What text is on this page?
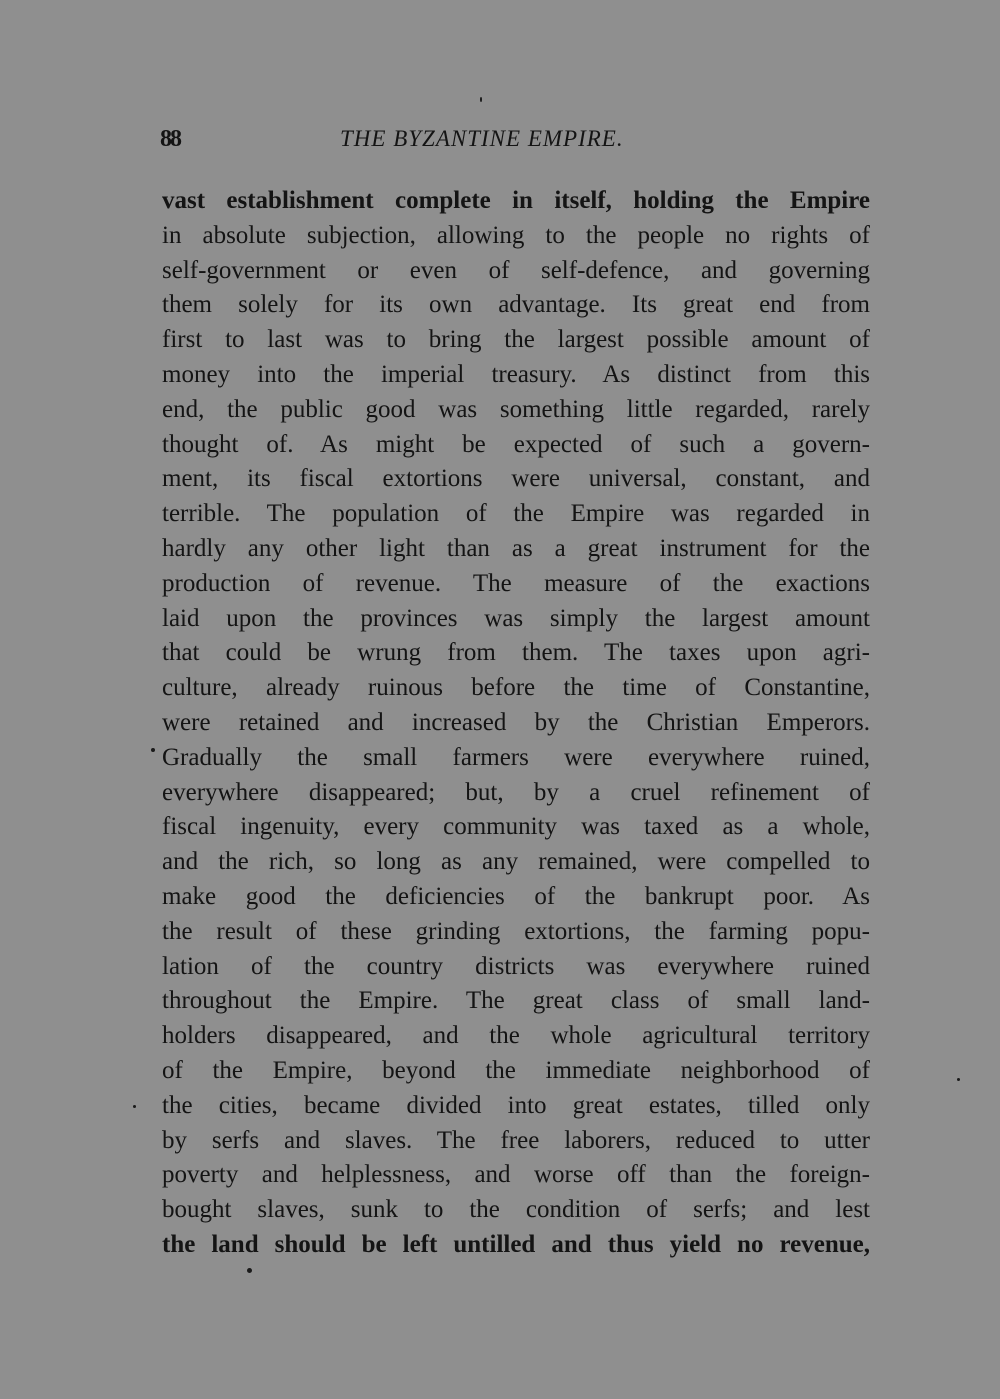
88	THE BYZANTINE EMPIRE.
vast establishment complete in itself, holding the Empire
in absolute subjection, allowing to the people no rights of
self-government or even of self-defence, and governing
them solely for its own advantage. Its great end from
first to last was to bring the largest possible amount of
money into the imperial treasury. As distinct from this
end, the public good was something little regarded, rarely
thought of. As might be expected of such a govern-
ment, its fiscal extortions were universal, constant, and
terrible. The population of the Empire was regarded in
hardly any other light than as a great instrument for the
production of revenue. The measure of the exactions
laid upon the provinces was simply the largest amount
that could be wrung from them. The taxes upon agri-
culture, already ruinous before the time of Constantine,
were retained and increased by the Christian Emperors.
Gradually the small farmers were everywhere ruined,
everywhere disappeared; but, by a cruel refinement of
fiscal ingenuity, every community was taxed as a whole,
and the rich, so long as any remained, were compelled to
make good the deficiencies of the bankrupt poor. As
the result of these grinding extortions, the farming popu-
lation of the country districts was everywhere ruined
throughout the Empire. The great class of small land-
holders disappeared, and the whole agricultural territory
of the Empire, beyond the immediate neighborhood of
the cities, became divided into great estates, tilled only
by serfs and slaves. The free laborers, reduced to utter
poverty and helplessness, and worse off than the foreign-
bought slaves, sunk to the condition of serfs; and lest
the land should be left untilled and thus yield no revenue,
